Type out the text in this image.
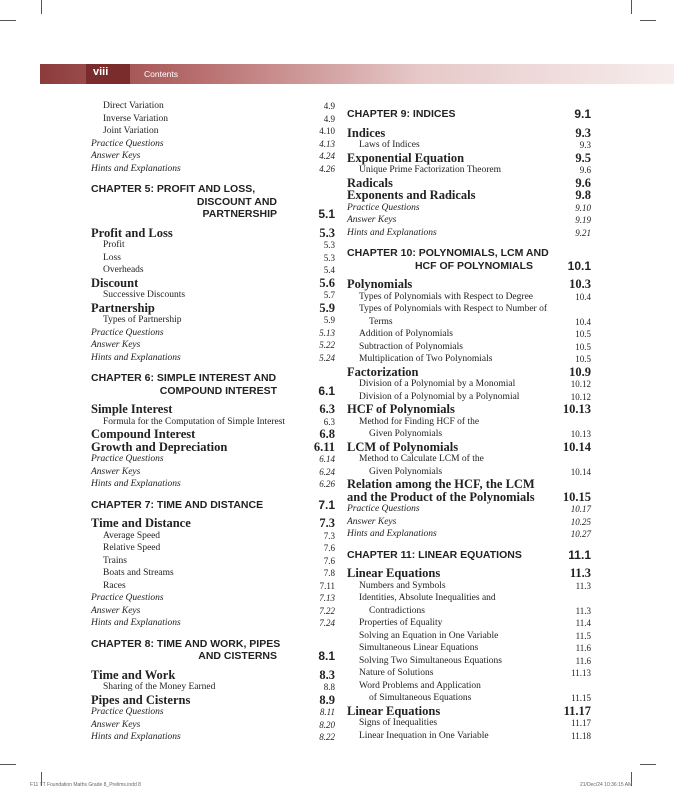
viii	Contents
Direct Variation	4.9
Inverse Variation	4.9
Joint Variation	4.10
Practice Questions	4.13
Answer Keys	4.24
Hints and Explanations	4.26
CHAPTER 5: PROFIT AND LOSS,
DISCOUNT AND
PARTNERSHIP	5.1
Profit and Loss	5.3
Profit	5.3
Loss	5.3
Overheads	5.4
Discount	5.6
Successive Discounts	5.7
Partnership	5.9
Types of Partnership	5.9
Practice Questions	5.13
Answer Keys	5.22
Hints and Explanations	5.24
CHAPTER 6: SIMPLE INTEREST AND
COMPOUND INTEREST	6.1
Simple Interest	6.3
Formula for the Computation of Simple Interest	6.3
Compound Interest	6.8
Growth and Depreciation	6.11
Practice Questions	6.14
Answer Keys	6.24
Hints and Explanations	6.26
CHAPTER 7: TIME AND DISTANCE	7.1
Time and Distance	7.3
Average Speed	7.3
Relative Speed	7.6
Trains	7.6
Boats and Streams	7.8
Races	7.11
Practice Questions	7.13
Answer Keys	7.22
Hints and Explanations	7.24
CHAPTER 8: TIME AND WORK, PIPES
AND CISTERNS	8.1
Time and Work	8.3
Sharing of the Money Earned	8.8
Pipes and Cisterns	8.9
Practice Questions	8.11
Answer Keys	8.20
Hints and Explanations	8.22
CHAPTER 9: INDICES	9.1
Indices	9.3
Laws of Indices	9.3
Exponential Equation	9.5
Unique Prime Factorization Theorem	9.6
Radicals	9.6
Exponents and Radicals	9.8
Practice Questions	9.10
Answer Keys	9.19
Hints and Explanations	9.21
CHAPTER 10: POLYNOMIALS, LCM AND
HCF OF POLYNOMIALS	10.1
Polynomials	10.3
Types of Polynomials with Respect to Degree	10.4
Types of Polynomials with Respect to Number of
Terms	10.4
Addition of Polynomials	10.5
Subtraction of Polynomials	10.5
Multiplication of Two Polynomials	10.5
Factorization	10.9
Division of a Polynomial by a Monomial	10.12
Division of a Polynomial by a Polynomial	10.12
HCF of Polynomials	10.13
Method for Finding HCF of the
Given Polynomials	10.13
LCM of Polynomials	10.14
Method to Calculate LCM of the
Given Polynomials	10.14
Relation among the HCF, the LCM
and the Product of the Polynomials 10.15
Practice Questions	10.17
Answer Keys	10.25
Hints and Explanations	10.27
CHAPTER 11: LINEAR EQUATIONS	11.1
Linear Equations	11.3
Numbers and Symbols	11.3
Identities, Absolute Inequalities and
Contradictions	11.3
Properties of Equality	11.4
Solving an Equation in One Variable	11.5
Simultaneous Linear Equations	11.6
Solving Two Simultaneous Equations	11.6
Nature of Solutions	11.13
Word Problems and Application
of Simultaneous Equations	11.15
Linear Equations	11.17
Signs of Inequalities	11.17
Linear Inequation in One Variable	11.18
F11 TT Foundation Maths Grade 8_Prelims.indd 8	21/Dec/24 10:36:15 AM
